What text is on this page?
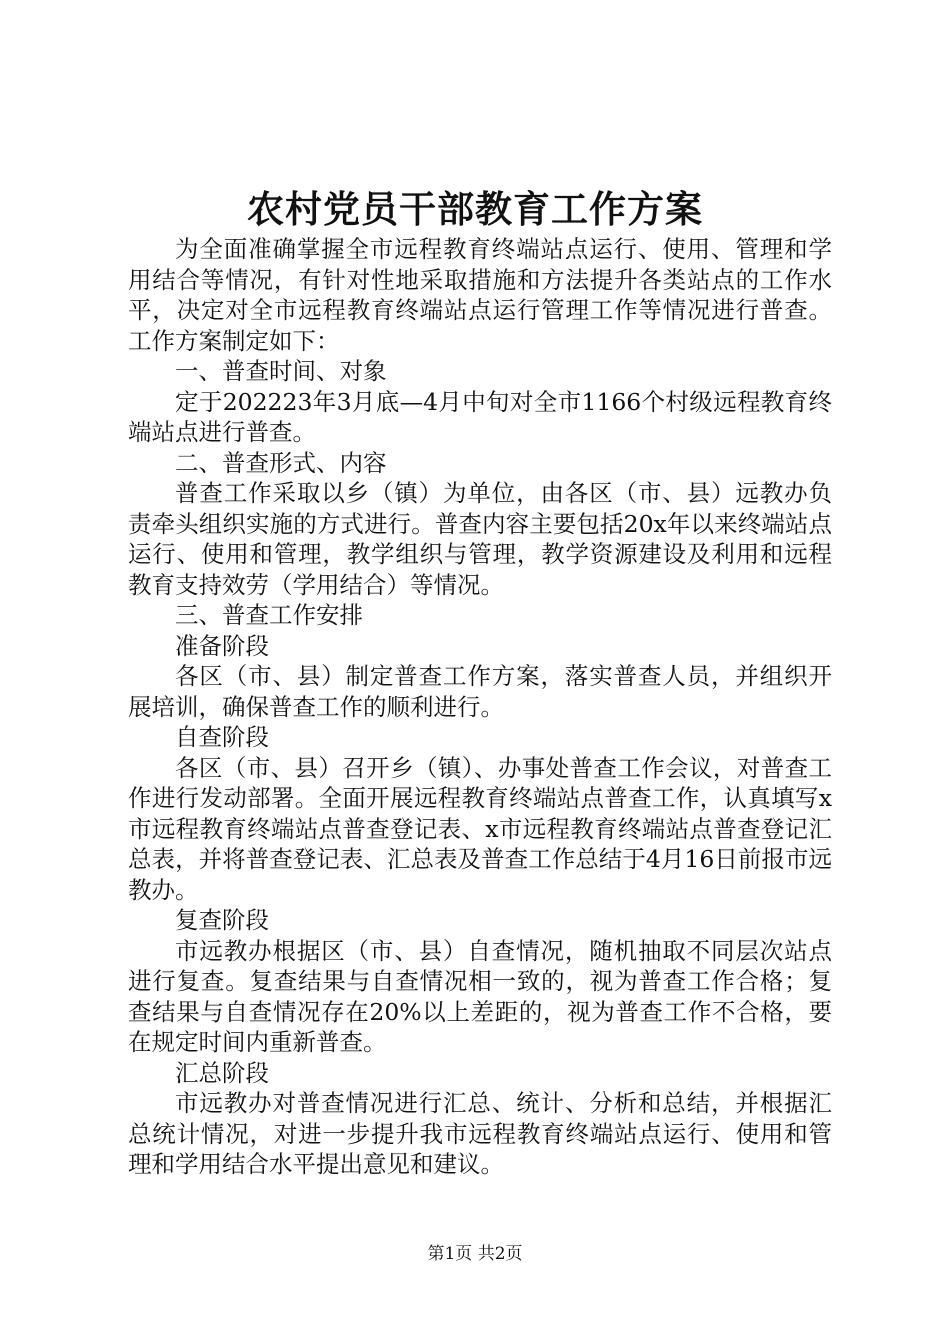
农村党员干部教育工作方案

为全面准确掌握全市远程教育终端站点运行、使用、管理和学用结合等情况，有针对性地采取措施和方法提升各类站点的工作水平，决定对全市远程教育终端站点运行管理工作等情况进行普查。工作方案制定如下：

一、普查时间、对象

定于202223年3月底—4月中旬对全市1166个村级远程教育终端站点进行普查。

二、普查形式、内容

普查工作采取以乡（镇）为单位，由各区（市、县）远教办负责牵头组织实施的方式进行。普查内容主要包括20x年以来终端站点运行、使用和管理，教学组织与管理，教学资源建设及利用和远程教育支持效劳（学用结合）等情况。

三、普查工作安排

准备阶段

各区（市、县）制定普查工作方案，落实普查人员，并组织开展培训，确保普查工作的顺利进行。

自查阶段

各区（市、县）召开乡（镇）、办事处普查工作会议，对普查工作进行发动部署。全面开展远程教育终端站点普查工作，认真填写x市远程教育终端站点普查登记表、x市远程教育终端站点普查登记汇总表，并将普查登记表、汇总表及普查工作总结于4月16日前报市远教办。

复查阶段

市远教办根据区（市、县）自查情况，随机抽取不同层次站点进行复查。复查结果与自查情况相一致的，视为普查工作合格；复查结果与自查情况存在20%以上差距的，视为普查工作不合格，要在规定时间内重新普查。

汇总阶段

市远教办对普查情况进行汇总、统计、分析和总结，并根据汇总统计情况，对进一步提升我市远程教育终端站点运行、使用和管理和学用结合水平提出意见和建议。

第1页 共2页
